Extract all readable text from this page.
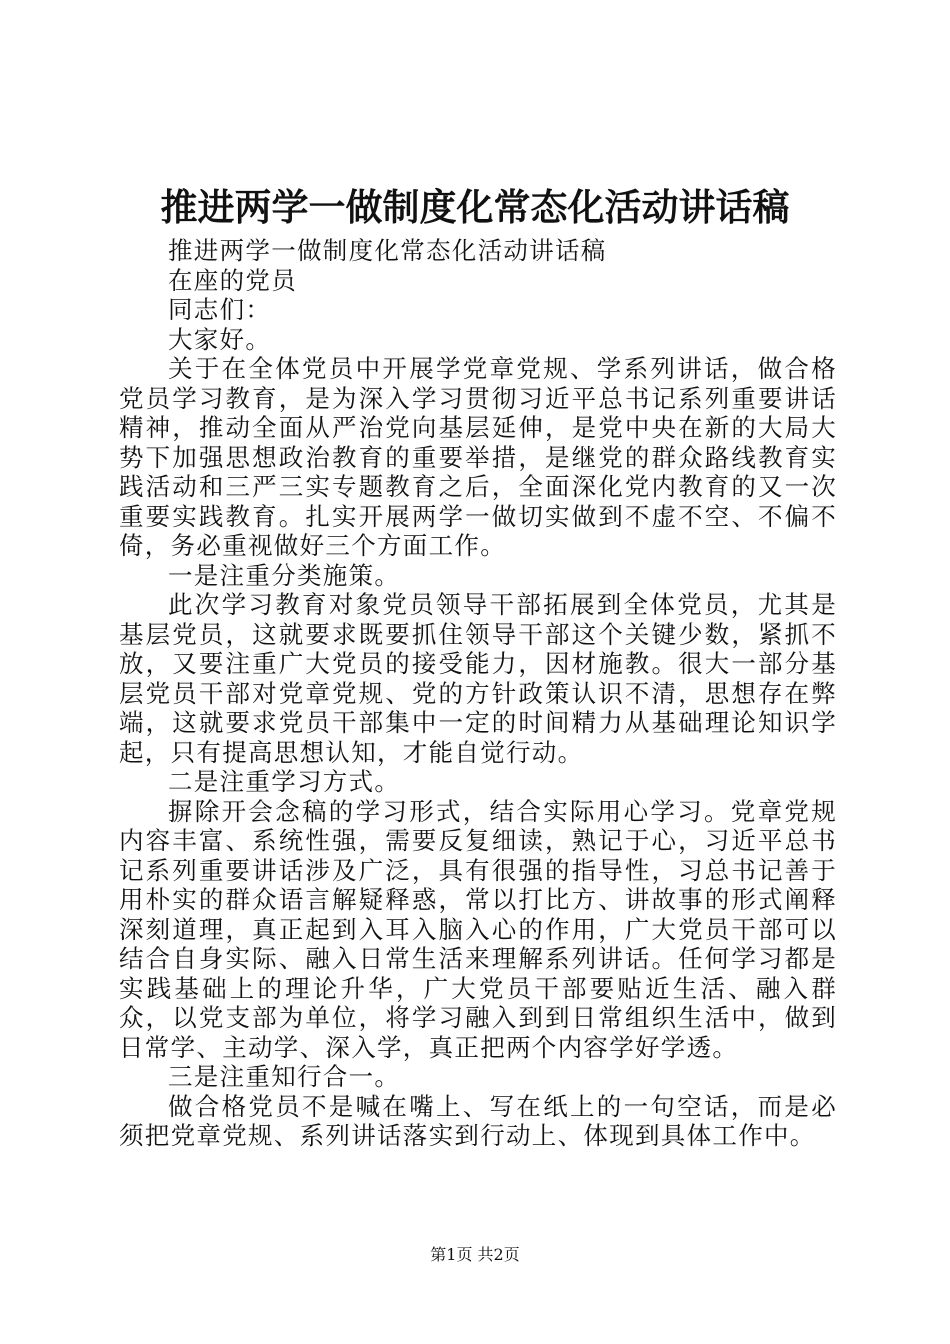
推进两学一做制度化常态化活动讲话稿

推进两学一做制度化常态化活动讲话稿

在座的党员

同志们：

大家好。

关于在全体党员中开展学党章党规、学系列讲话，做合格党员学习教育，是为深入学习贯彻习近平总书记系列重要讲话精神，推动全面从严治党向基层延伸，是党中央在新的大局大势下加强思想政治教育的重要举措，是继党的群众路线教育实践活动和三严三实专题教育之后，全面深化党内教育的又一次重要实践教育。扎实开展两学一做切实做到不虚不空、不偏不倚，务必重视做好三个方面工作。

一是注重分类施策。

此次学习教育对象党员领导干部拓展到全体党员，尤其是基层党员，这就要求既要抓住领导干部这个关键少数，紧抓不放，又要注重广大党员的接受能力，因材施教。很大一部分基层党员干部对党章党规、党的方针政策认识不清，思想存在弊端，这就要求党员干部集中一定的时间精力从基础理论知识学起，只有提高思想认知，才能自觉行动。

二是注重学习方式。

摒除开会念稿的学习形式，结合实际用心学习。党章党规内容丰富、系统性强，需要反复细读，熟记于心，习近平总书记系列重要讲话涉及广泛，具有很强的指导性，习总书记善于用朴实的群众语言解疑释惑，常以打比方、讲故事的形式阐释深刻道理，真正起到入耳入脑入心的作用，广大党员干部可以结合自身实际、融入日常生活来理解系列讲话。任何学习都是实践基础上的理论升华，广大党员干部要贴近生活、融入群众，以党支部为单位，将学习融入到到日常组织生活中，做到日常学、主动学、深入学，真正把两个内容学好学透。

三是注重知行合一。

做合格党员不是喊在嘴上、写在纸上的一句空话，而是必须把党章党规、系列讲话落实到行动上、体现到具体工作中。

第1页 共2页
